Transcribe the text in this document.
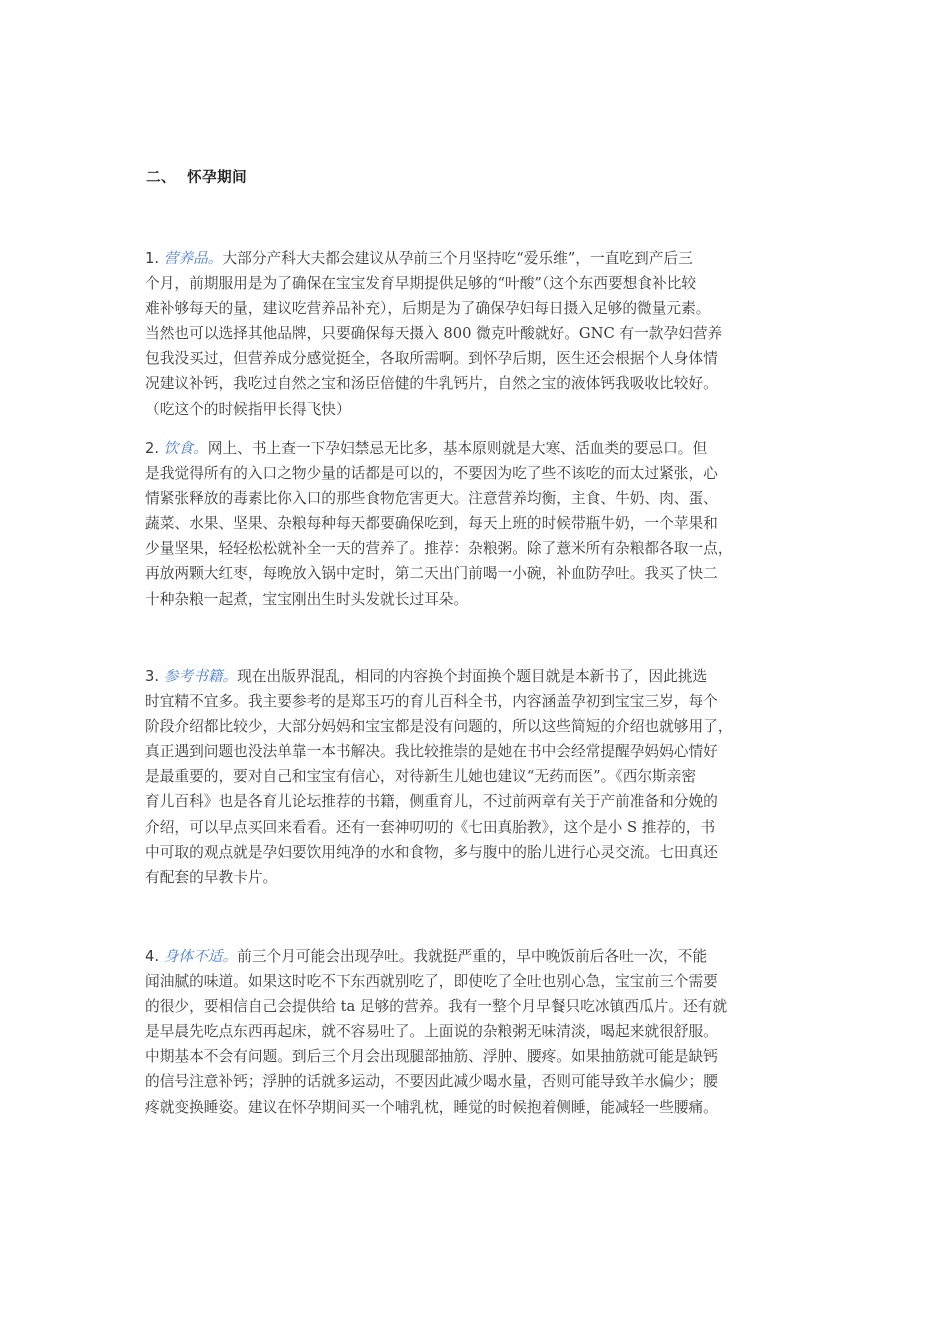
二、  怀孕期间
1. 营养品。大部分产科大夫都会建议从孕前三个月坚持吃“爱乐维”，一直吃到产后三
个月，前期服用是为了确保在宝宝发育早期提供足够的“叶酸”（这个东西要想食补比较
难补够每天的量，建议吃营养品补充），后期是为了确保孕妇每日摄入足够的微量元素。
当然也可以选择其他品牌，只要确保每天摄入 800 微克叶酸就好。GNC 有一款孕妇营养
包我没买过，但营养成分感觉挺全，各取所需啊。到怀孕后期，医生还会根据个人身体情
况建议补钙，我吃过自然之宝和汤臣倍健的牛乳钙片，自然之宝的液体钙我吸收比较好。
（吃这个的时候指甲长得飞快）
2. 饮食。网上、书上查一下孕妇禁忌无比多，基本原则就是大寒、活血类的要忌口。但
是我觉得所有的入口之物少量的话都是可以的，不要因为吃了些不该吃的而太过紧张，心
情紧张释放的毒素比你入口的那些食物危害更大。注意营养均衡，主食、牛奶、肉、蛋、
蔬菜、水果、坚果、杂粮每种每天都要确保吃到，每天上班的时候带瓶牛奶，一个苹果和
少量坚果，轻轻松松就补全一天的营养了。推荐：杂粮粥。除了薏米所有杂粮都各取一点，
再放两颗大红枣，每晚放入锅中定时，第二天出门前喝一小碗，补血防孕吐。我买了快二
十种杂粮一起煮，宝宝刚出生时头发就长过耳朵。
3. 参考书籍。现在出版界混乱，相同的内容换个封面换个题目就是本新书了，因此挑选
时宜精不宜多。我主要参考的是郑玉巧的育儿百科全书，内容涵盖孕初到宝宝三岁，每个
阶段介绍都比较少，大部分妈妈和宝宝都是没有问题的，所以这些简短的介绍也就够用了，
真正遇到问题也没法单靠一本书解决。我比较推崇的是她在书中会经常提醒孕妈妈心情好
是最重要的，要对自己和宝宝有信心，对待新生儿她也建议“无药而医”。《西尔斯亲密
育儿百科》也是各育儿论坛推荐的书籍，侧重育儿，不过前两章有关于产前准备和分娩的
介绍，可以早点买回来看看。还有一套神叨叨的《七田真胎教》，这个是小 S 推荐的，书
中可取的观点就是孕妇要饮用纯净的水和食物，多与腹中的胎儿进行心灵交流。七田真还
有配套的早教卡片。
4. 身体不适。前三个月可能会出现孕吐。我就挺严重的，早中晚饭前后各吐一次，不能
闻油腻的味道。如果这时吃不下东西就别吃了，即使吃了全吐也别心急，宝宝前三个需要
的很少，要相信自己会提供给 ta 足够的营养。我有一整个月早餐只吃冰镇西瓜片。还有就
是早晨先吃点东西再起床，就不容易吐了。上面说的杂粮粥无味清淡，喝起来就很舒服。
中期基本不会有问题。到后三个月会出现腿部抽筋、浮肿、腰疼。如果抽筋就可能是缺钙
的信号注意补钙；浮肿的话就多运动，不要因此减少喝水量，否则可能导致羊水偏少；腰
疼就变换睡姿。建议在怀孕期间买一个哺乳枕，睡觉的时候抱着侧睡，能减轻一些腰痛。
